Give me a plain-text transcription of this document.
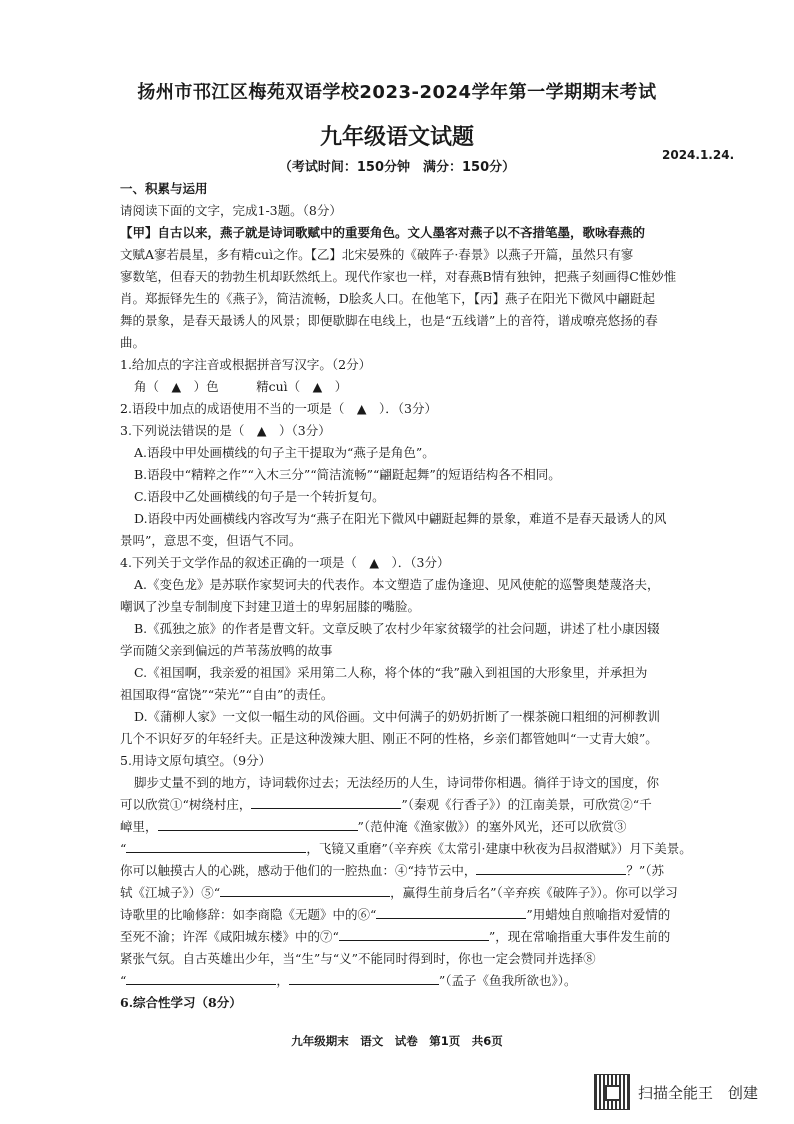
扬州市邗江区梅苑双语学校2023-2024学年第一学期期末考试
九年级语文试题
2024.1.24.
（考试时间：150分钟　满分：150分）

一、积累与运用

请阅读下面的文字，完成1-3题。（8分）

【甲】自古以来，燕子就是诗词歌赋中的重要角色。文人墨客对燕子以不吝措笔墨，歌咏春燕的

文赋A寥若晨星，多有精cuì之作。【乙】北宋晏殊的《破阵子·春景》以燕子开篇，虽然只有寥

寥数笔，但春天的勃勃生机却跃然纸上。现代作家也一样，对春燕B情有独钟，把燕子刻画得C惟妙惟

肖。郑振铎先生的《燕子》，简洁流畅，D脍炙人口。在他笔下，【丙】燕子在阳光下微风中翩跹起

舞的景象，是春天最诱人的风景；即便歇脚在电线上，也是“五线谱”上的音符，谱成嘹亮悠扬的春

曲。

1.给加点的字注音或根据拼音写汉字。（2分）

角（　▲　）色　　　精cuì（　▲　）

2.语段中加点的成语使用不当的一项是（　▲　）．（3分）

3.下列说法错误的是（　▲　）（3分）

A.语段中甲处画横线的句子主干提取为“燕子是角色”。

B.语段中“精粹之作”“入木三分”“简洁流畅”“翩跹起舞”的短语结构各不相同。

C.语段中乙处画横线的句子是一个转折复句。

D.语段中丙处画横线内容改写为“燕子在阳光下微风中翩跹起舞的景象，难道不是春天最诱人的风

景吗”，意思不变，但语气不同。

4.下列关于文学作品的叙述正确的一项是（　▲　）．（3分）

A.《变色龙》是苏联作家契诃夫的代表作。本文塑造了虚伪逢迎、见风使舵的巡警奥楚蔑洛夫，

嘲讽了沙皇专制制度下封建卫道士的卑躬屈膝的嘴脸。

B.《孤独之旅》的作者是曹文轩。文章反映了农村少年家贫辍学的社会问题，讲述了杜小康因辍

学而随父亲到偏远的芦苇荡放鸭的故事

C.《祖国啊，我亲爱的祖国》采用第二人称，将个体的“我”融入到祖国的大形象里，并承担为

祖国取得“富饶”“荣光”“自由”的责任。

D.《蒲柳人家》一文似一幅生动的风俗画。文中何满子的奶奶折断了一棵茶碗口粗细的河柳教训

几个不识好歹的年轻纤夫。正是这种泼辣大胆、刚正不阿的性格，乡亲们都管她叫“一丈青大娘”。

5.用诗文原句填空。（9分）

脚步丈量不到的地方，诗词载你过去；无法经历的人生，诗词带你相遇。徜徉于诗文的国度，你

可以欣赏①“树绕村庄，	”（秦观《行香子》）的江南美景，可欣赏②“千

嶂里，	”（范仲淹《渔家傲》）的塞外风光，还可以欣赏③

“	，飞镜又重磨”（辛弃疾《太常引·建康中秋夜为吕叔潜赋》）月下美景。

你可以触摸古人的心跳，感动于他们的一腔热血：④“持节云中，	？”（苏

轼《江城子》）⑤“	，赢得生前身后名”（辛弃疾《破阵子》）。你可以学习

诗歌里的比喻修辞：如李商隐《无题》中的⑥“	”用蜡烛自煎喻指对爱情的

至死不渝；许浑《咸阳城东楼》中的⑦“	”，现在常喻指重大事件发生前的

紧张气氛。自古英雄出少年，当“生”与“义”不能同时得到时，你也一定会赞同并选择⑧

“	，	”（孟子《鱼我所欲也》）。

6.综合性学习（8分）

九年级期末　语文　试卷　第1页　共6页
扫描全能王　创建
